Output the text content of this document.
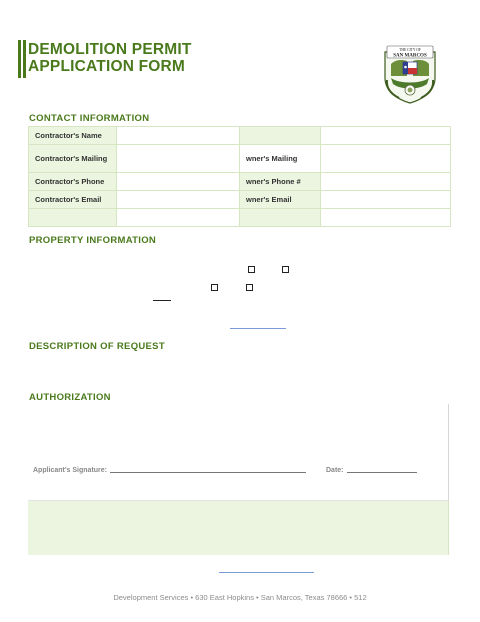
DEMOLITION PERMIT
APPLICATION FORM
THE CITY OF
SAN MARCOS
CONTACT INFORMATION
Contractor's Name			
Contractor's Mailing		wner's Mailing	
Contractor's Phone		wner's Phone #	
Contractor's Email		wner's Email	

PROPERTY INFORMATION
DESCRIPTION OF REQUEST
AUTHORIZATION
Applicant's Signature:	Date:
Development Services • 630 East Hopkins • San Marcos, Texas 78666 • 512
